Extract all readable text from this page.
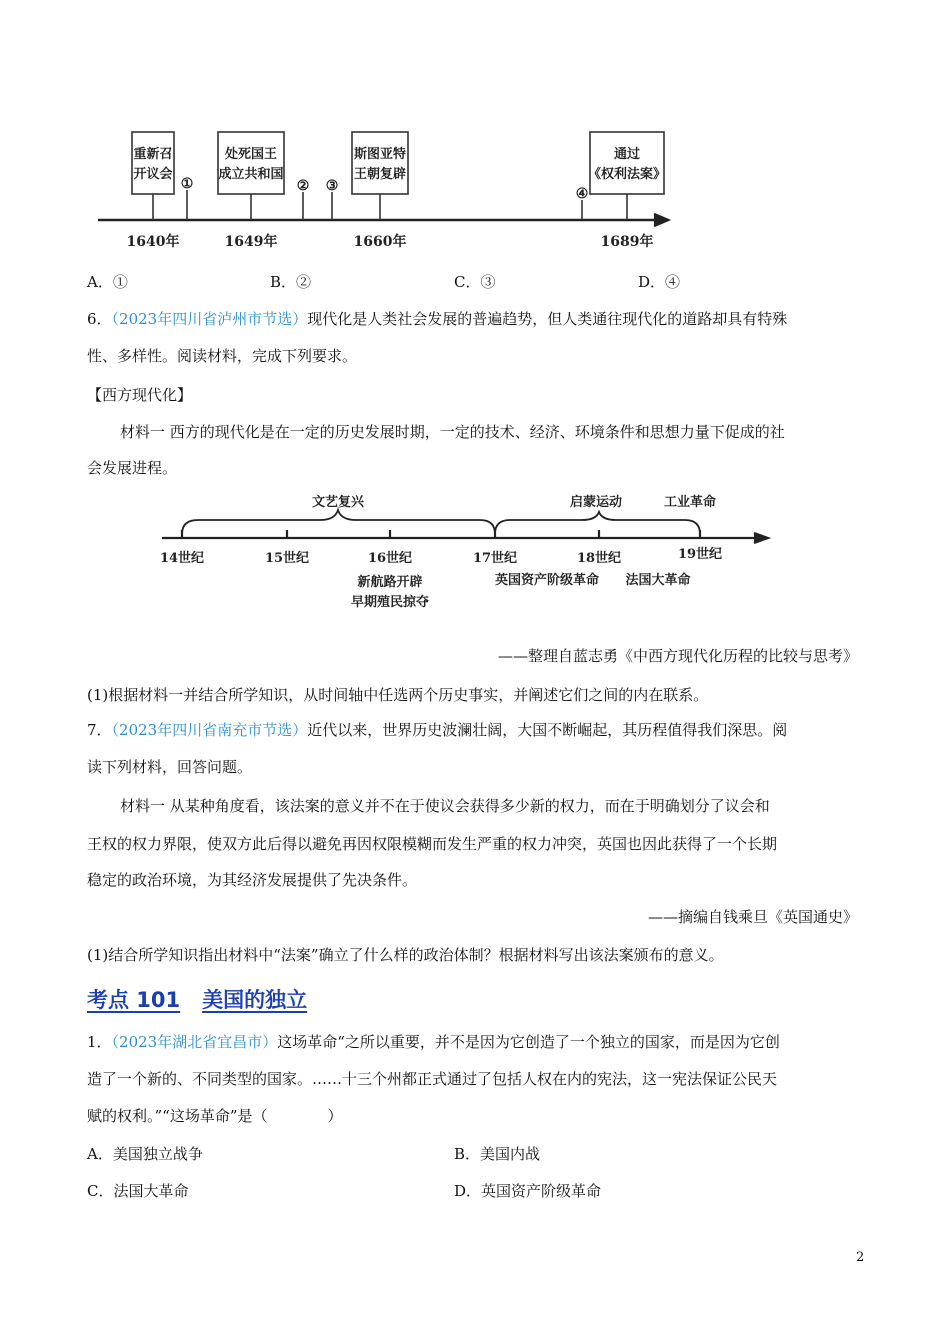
重新召
开议会
处死国王
成立共和国
斯图亚特
王朝复辟
通过
《权利法案》
①	② ③	④
1640年	1649年	1660年	1689年
A．①	B．②	C．③	D．④
6．（2023年四川省泸州市节选）现代化是人类社会发展的普遍趋势，但人类通往现代化的道路却具有特殊
性、多样性。阅读材料，完成下列要求。
【西方现代化】
材料一 西方的现代化是在一定的历史发展时期，一定的技术、经济、环境条件和思想力量下促成的社
会发展进程。
文艺复兴	启蒙运动	工业革命
14世纪	15世纪	16世纪	17世纪	18世纪	19世纪
新航路开辟
早期殖民掠夺
英国资产阶级革命 法国大革命
——整理自蓝志勇《中西方现代化历程的比较与思考》
(1)根据材料一并结合所学知识，从时间轴中任选两个历史事实，并阐述它们之间的内在联系。
7．（2023年四川省南充市节选）近代以来，世界历史波澜壮阔，大国不断崛起，其历程值得我们深思。阅
读下列材料，回答问题。
材料一 从某种角度看，该法案的意义并不在于使议会获得多少新的权力，而在于明确划分了议会和
王权的权力界限，使双方此后得以避免再因权限模糊而发生严重的权力冲突，英国也因此获得了一个长期
稳定的政治环境，为其经济发展提供了先决条件。
——摘编自钱乘旦《英国通史》
(1)结合所学知识指出材料中“法案”确立了什么样的政治体制？根据材料写出该法案颁布的意义。
考点 101 美国的独立
1．（2023年湖北省宜昌市）这场革命“之所以重要，并不是因为它创造了一个独立的国家，而是因为它创
造了一个新的、不同类型的国家。……十三个州都正式通过了包括人权在内的宪法，这一宪法保证公民天
赋的权利。”“这场革命”是（	）
A．美国独立战争	B．美国内战
C．法国大革命	D．英国资产阶级革命
2
